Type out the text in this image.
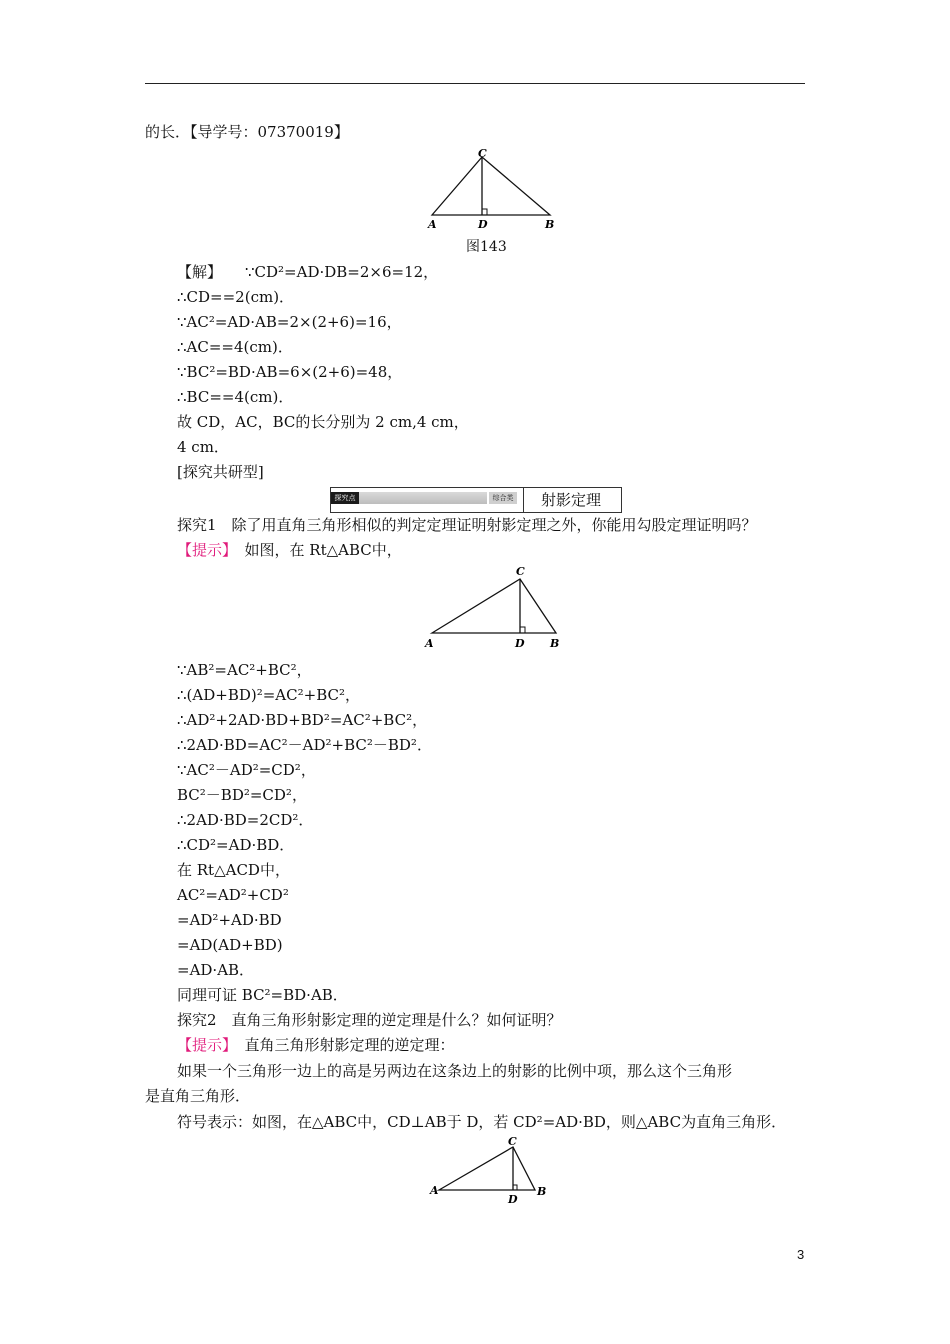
的长．【导学号：07370019】
C
A	D	B
图143
【解】 ∵CD²=AD·DB=2×6=12，
∴CD==2(cm)．
∵AC²=AD·AB=2×(2+6)=16，
∴AC==4(cm)．
∵BC²=BD·AB=6×(2+6)=48，
∴BC==4(cm)．
故 CD，AC，BC的长分别为 2 cm,4 cm，
4 cm．
[探究共研型]
探究点	综合类	射影定理
探究1　除了用直角三角形相似的判定定理证明射影定理之外，你能用勾股定理证明吗？
【提示】　如图，在 Rt△ABC中，
C
A	D B
∵AB²=AC²+BC²，
∴(AD+BD)²=AC²+BC²，
∴AD²+2AD·BD+BD²=AC²+BC²，
∴2AD·BD=AC²－AD²+BC²－BD²．
∵AC²－AD²=CD²，
BC²－BD²=CD²，
∴2AD·BD=2CD²．
∴CD²=AD·BD．
在 Rt△ACD中，
AC²=AD²+CD²
=AD²+AD·BD
=AD(AD+BD)
=AD·AB．
同理可证 BC²=BD·AB．
探究2　直角三角形射影定理的逆定理是什么？如何证明？
【提示】　直角三角形射影定理的逆定理：
如果一个三角形一边上的高是另两边在这条边上的射影的比例中项，那么这个三角形
是直角三角形．
符号表示：如图，在△ABC中，CD⊥AB于 D，若 CD²=AD·BD，则△ABC为直角三角形．
C
A
D
B
3
